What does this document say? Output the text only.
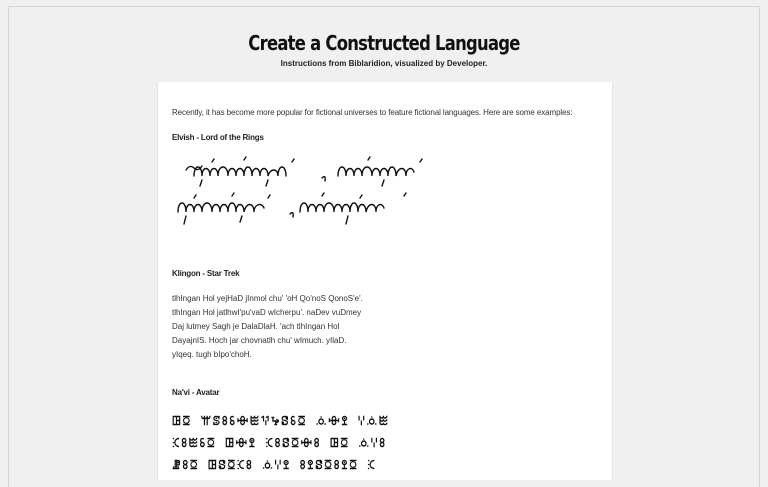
Create a Constructed Language
Instructions from Biblaridion, visualized by Developer.
Recently, it has become more popular for fictional universes to feature fictional languages. Here are some examples:
Elvish - Lord of the Rings
Klingon - Star Trek
tlhIngan Hol yejHaD jInmol chu' 'oH Qo'noS QonoS'e'.
tlhIngan Hol jatlhwI'pu'vaD wIcherpu'. naDev vuDmey
Daj lutmey Sagh je DalaDlaH. 'ach tlhIngan Hol
DayajnIS. Hoch jar chovnatlh chu' wImuch. yIlaD.
yIqeq. tugh bIpo'choH.
Na'vi - Avatar
ꖸꗞ ꕌꕷꖉꗏꗳꖺꖬꕵꗟꗏꗞ ꗝꗳꖶ ꗷꗝꖺ
ꕿꖉꖺꗏꗞ ꖸꗳꖶ ꕿꖉꗟꗞꗳꖉ ꖸꗞ ꗝꗷꖉ
ꗙꖉꗞ ꖸꗟꗞꕿꖉ ꗝꗷꖶ ꖉꖶꗟꗞꖉꖶꗞ ꕿ
